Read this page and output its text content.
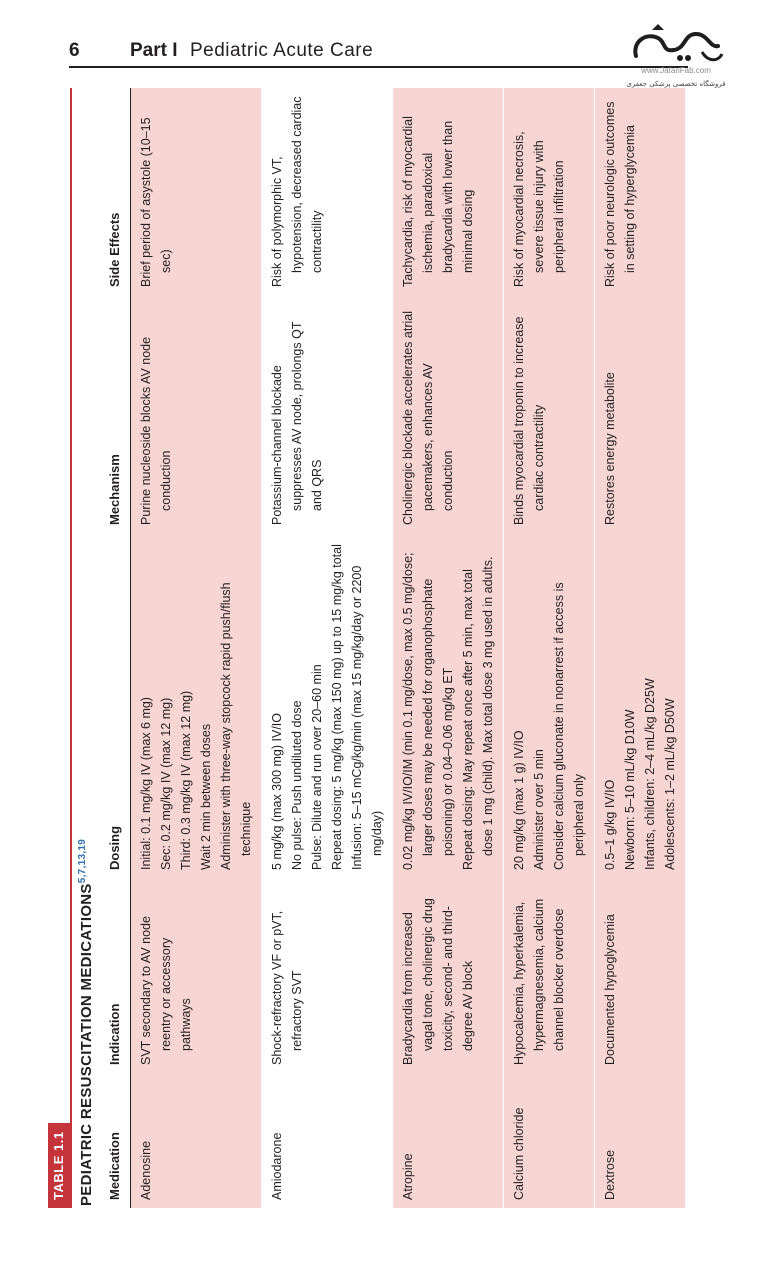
6	Part I Pediatric Acute Care
www.JafariFab.com
فروشگاه تخصصی پزشکی جعفری
TABLE 1.1 PEDIATRIC RESUSCITATION MEDICATIONS$^{5,7,13,19}$
Medication	Indication	Dosing	Mechanism	Side Effects
Adenosine	SVT secondary to AV node reentry or accessory pathways	Initial: 0.1 mg/kg IV (max 6 mg) Sec: 0.2 mg/kg IV (max 12 mg) Third: 0.3 mg/kg IV (max 12 mg) Wait 2 min between doses Administer with three-way stopcock rapid push/flush technique	Purine nucleoside blocks AV node conduction	Brief period of asystole (10–15 sec)

Amiodarone	Shock-refractory VF or pVT, refractory SVT	5 mg/kg (max 300 mg) IV/IO No pulse: Push undiluted dose Pulse: Dilute and run over 20–60 min Repeat dosing: 5 mg/kg (max 150 mg) up to 15 mg/kg total Infusion: 5–15 mCg/kg/min (max 15 mg/kg/day or 2200 mg/day)	Potassium-channel blockade suppresses AV node, prolongs QT and QRS	Risk of polymorphic VT, hypotension, decreased cardiac contractility

Atropine	Bradycardia from increased vagal tone, cholinergic drug toxicity, second- and third-degree AV block	0.02 mg/kg IV/IO/IM (min 0.1 mg/dose, max 0.5 mg/dose; larger doses may be needed for organophosphate poisoning) or 0.04–0.06 mg/kg ET Repeat dosing: May repeat once after 5 min, max total dose 1 mg (child). Max total dose 3 mg used in adults.	Cholinergic blockade accelerates atrial pacemakers, enhances AV conduction	Tachycardia, risk of myocardial ischemia, paradoxical bradycardia with lower than minimal dosing

Calcium chloride	Hypocalcemia, hyperkalemia, hypermagnesemia, calcium channel blocker overdose	20 mg/kg (max 1 g) IV/IO Administer over 5 min Consider calcium gluconate in nonarrest if access is peripheral only	Binds myocardial troponin to increase cardiac contractility	Risk of myocardial necrosis, severe tissue injury with peripheral infiltration

Dextrose	Documented hypoglycemia	0.5–1 g/kg IV/IO Newborn: 5–10 mL/kg D10W Infants, children: 2–4 mL/kg D25W Adolescents: 1–2 mL/kg D50W	Restores energy metabolite	Risk of poor neurologic outcomes in setting of hyperglycemia
